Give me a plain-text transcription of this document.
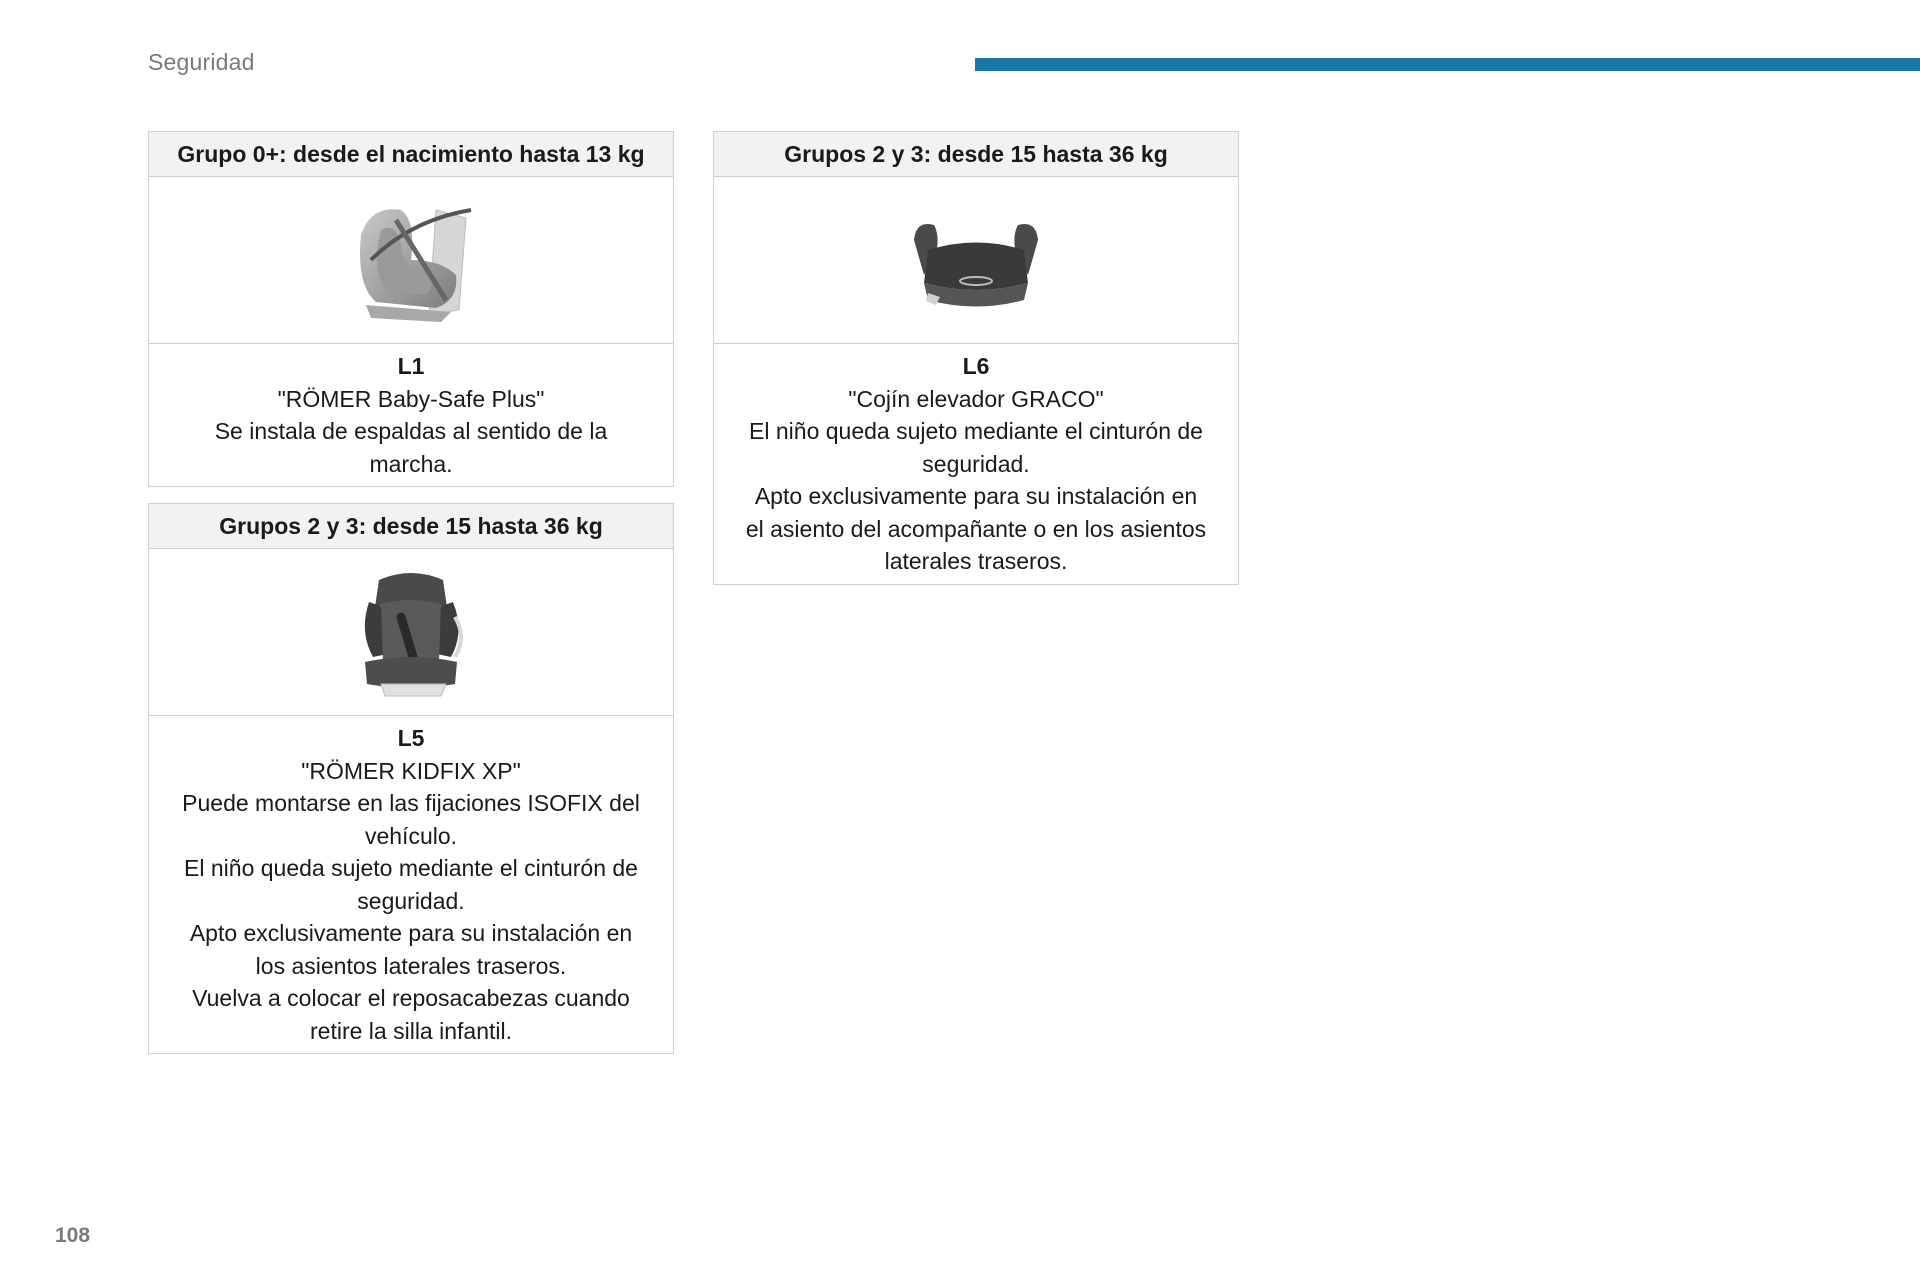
Seguridad
Grupo 0+: desde el nacimiento hasta 13 kg
L1
"RÖMER Baby-Safe Plus"
Se instala de espaldas al sentido de la
marcha.
Grupos 2 y 3: desde 15 hasta 36 kg
L5
"RÖMER KIDFIX XP"
Puede montarse en las fijaciones ISOFIX del
vehículo.
El niño queda sujeto mediante el cinturón de
seguridad.
Apto exclusivamente para su instalación en
los asientos laterales traseros.
Vuelva a colocar el reposacabezas cuando
retire la silla infantil.
Grupos 2 y 3: desde 15 hasta 36 kg
L6
"Cojín elevador GRACO"
El niño queda sujeto mediante el cinturón de
seguridad.
Apto exclusivamente para su instalación en
el asiento del acompañante o en los asientos
laterales traseros.
108
